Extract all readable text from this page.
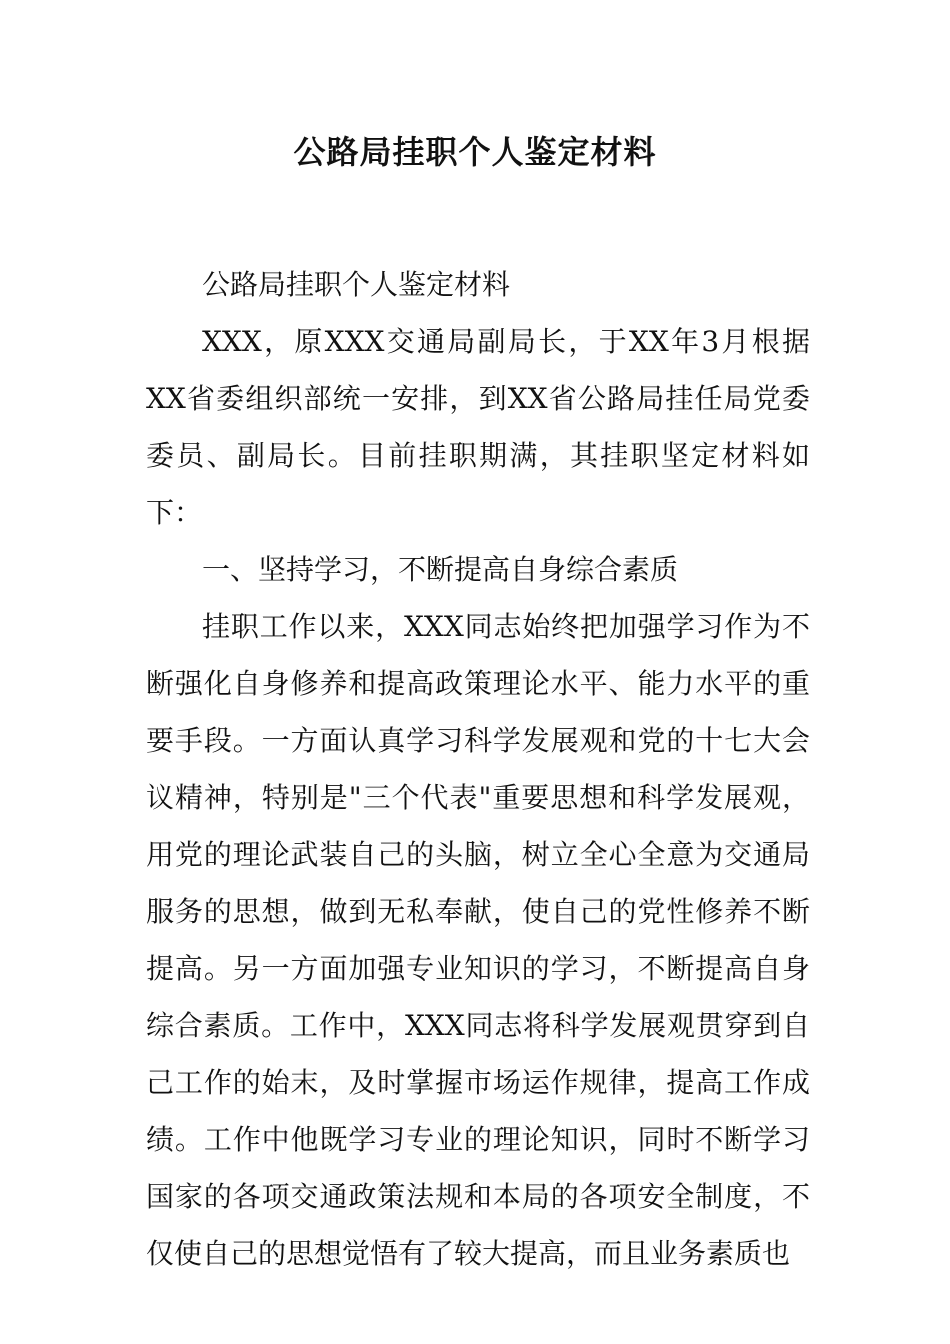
公路局挂职个人鉴定材料

公路局挂职个人鉴定材料

XXX，原XXX交通局副局长，于XX年3月根据XX省委组织部统一安排，到XX省公路局挂任局党委委员、副局长。目前挂职期满，其挂职坚定材料如下：

一、坚持学习，不断提高自身综合素质

挂职工作以来，XXX同志始终把加强学习作为不断强化自身修养和提高政策理论水平、能力水平的重要手段。一方面认真学习科学发展观和党的十七大会议精神，特别是"三个代表"重要思想和科学发展观，用党的理论武装自己的头脑，树立全心全意为交通局服务的思想，做到无私奉献，使自己的党性修养不断提高。另一方面加强专业知识的学习，不断提高自身综合素质。工作中，XXX同志将科学发展观贯穿到自己工作的始末，及时掌握市场运作规律，提高工作成绩。工作中他既学习专业的理论知识，同时不断学习国家的各项交通政策法规和本局的各项安全制度，不仅使自己的思想觉悟有了较大提高，而且业务素质也
